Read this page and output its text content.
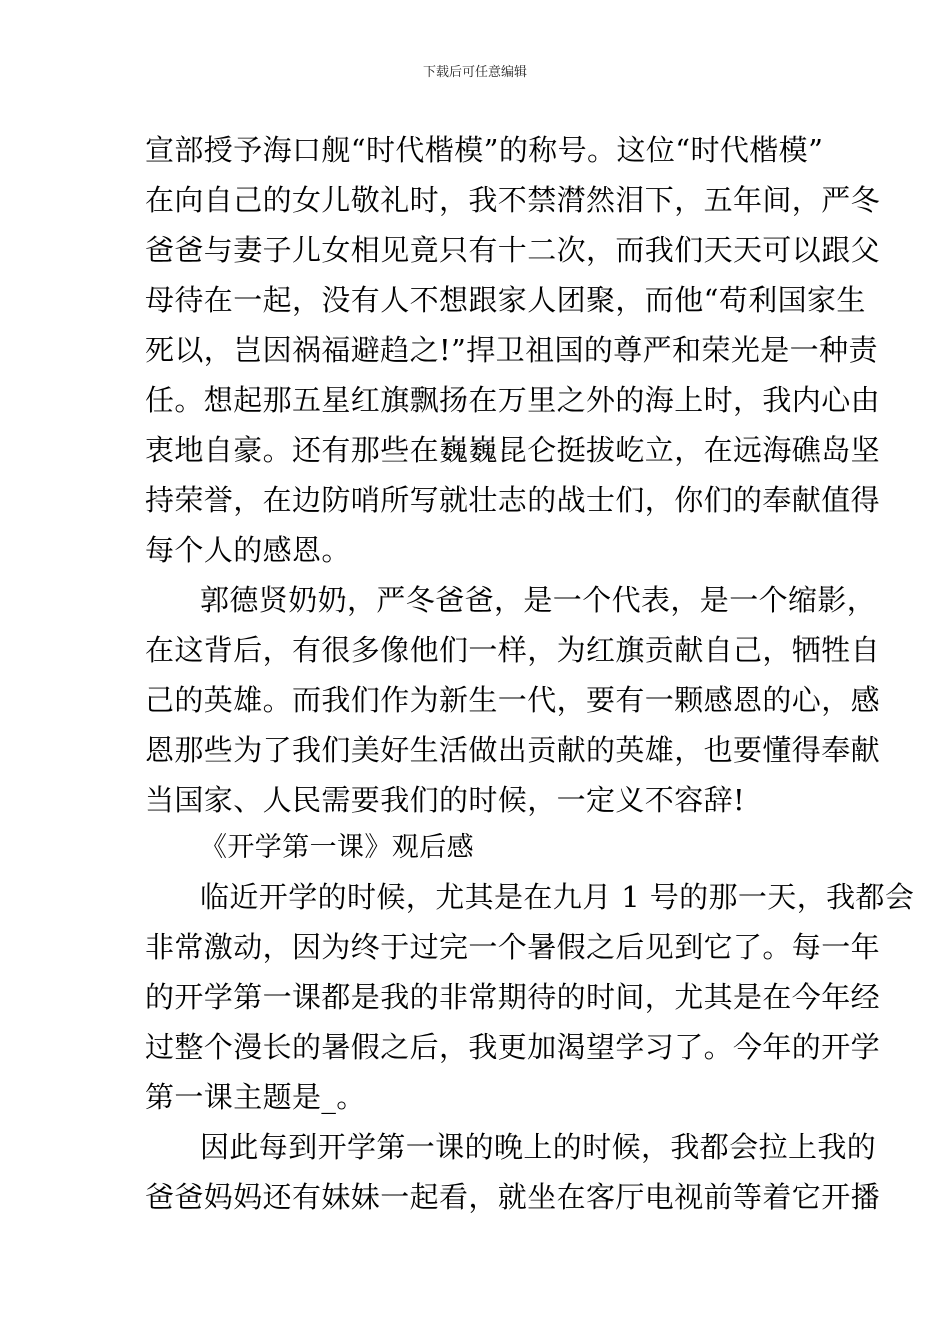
下载后可任意编辑
宣部授予海口舰“时代楷模”的称号。这位“时代楷模”
在向自己的女儿敬礼时，我不禁潸然泪下，五年间，严冬
爸爸与妻子儿女相见竟只有十二次，而我们天天可以跟父
母待在一起，没有人不想跟家人团聚，而他“苟利国家生
死以，岂因祸福避趋之!”捍卫祖国的尊严和荣光是一种责
任。想起那五星红旗飘扬在万里之外的海上时，我内心由
衷地自豪。还有那些在巍巍昆仑挺拔屹立，在远海礁岛坚
持荣誉，在边防哨所写就壮志的战士们，你们的奉献值得
每个人的感恩。
郭德贤奶奶，严冬爸爸，是一个代表，是一个缩影，
在这背后，有很多像他们一样，为红旗贡献自己，牺牲自
己的英雄。而我们作为新生一代，要有一颗感恩的心，感
恩那些为了我们美好生活做出贡献的英雄，也要懂得奉献
当国家、人民需要我们的时候，一定义不容辞!
《开学第一课》观后感
临近开学的时候，尤其是在九月 1 号的那一天，我都会
非常激动，因为终于过完一个暑假之后见到它了。每一年
的开学第一课都是我的非常期待的时间，尤其是在今年经
过整个漫长的暑假之后，我更加渴望学习了。今年的开学
第一课主题是_。
因此每到开学第一课的晚上的时候，我都会拉上我的
爸爸妈妈还有妹妹一起看，就坐在客厅电视前等着它开播
